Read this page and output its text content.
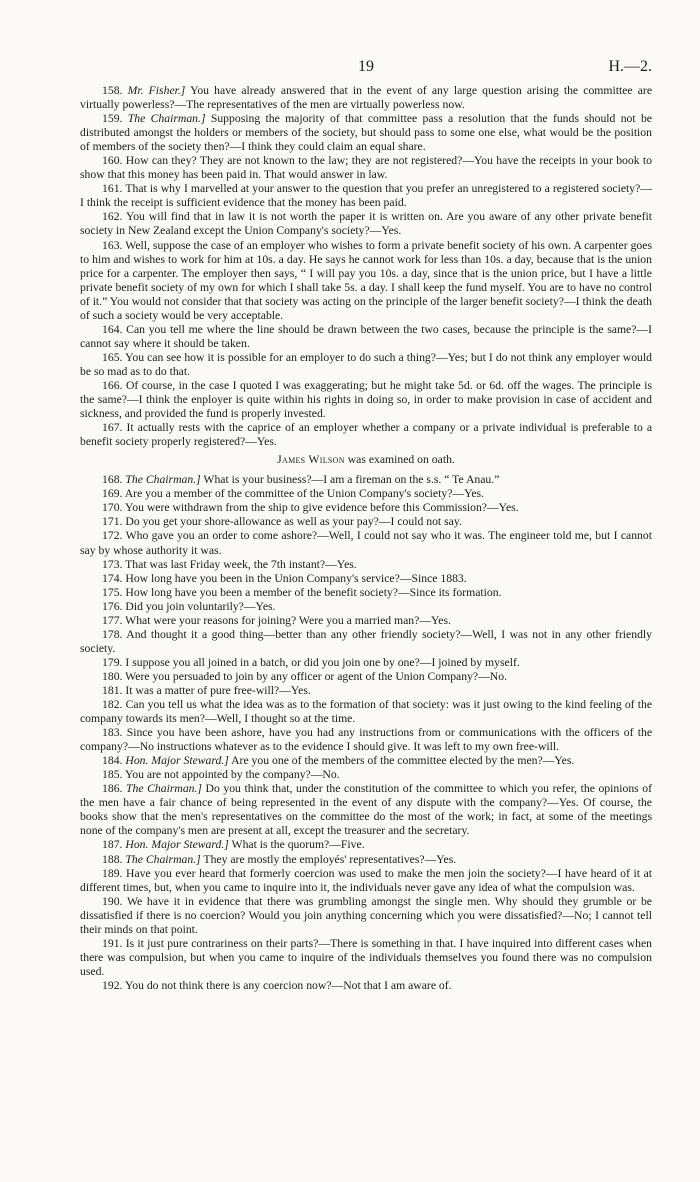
19	H.—2.

158. Mr. Fisher.] You have already answered that in the event of any large question arising the committee are virtually powerless?—The representatives of the men are virtually powerless now.

159. The Chairman.] Supposing the majority of that committee pass a resolution that the funds should not be distributed amongst the holders or members of the society, but should pass to some one else, what would be the position of members of the society then?—I think they could claim an equal share.

160. How can they? They are not known to the law; they are not registered?—You have the receipts in your book to show that this money has been paid in. That would answer in law.

161. That is why I marvelled at your answer to the question that you prefer an unregistered to a registered society?—I think the receipt is sufficient evidence that the money has been paid.

162. You will find that in law it is not worth the paper it is written on. Are you aware of any other private benefit society in New Zealand except the Union Company's society?—Yes.

163. Well, suppose the case of an employer who wishes to form a private benefit society of his own. A carpenter goes to him and wishes to work for him at 10s. a day. He says he cannot work for less than 10s. a day, because that is the union price for a carpenter. The employer then says, “ I will pay you 10s. a day, since that is the union price, but I have a little private benefit society of my own for which I shall take 5s. a day. I shall keep the fund myself. You are to have no control of it.” You would not consider that that society was acting on the principle of the larger benefit society?—I think the death of such a society would be very acceptable.

164. Can you tell me where the line should be drawn between the two cases, because the principle is the same?—I cannot say where it should be taken.

165. You can see how it is possible for an employer to do such a thing?—Yes; but I do not think any employer would be so mad as to do that.

166. Of course, in the case I quoted I was exaggerating; but he might take 5d. or 6d. off the wages. The principle is the same?—I think the enployer is quite within his rights in doing so, in order to make provision in case of accident and sickness, and provided the fund is properly invested.

167. It actually rests with the caprice of an employer whether a company or a private individual is preferable to a benefit society properly registered?—Yes.

James Wilson was examined on oath.

168. The Chairman.] What is your business?—I am a fireman on the s.s. “ Te Anau.”

169. Are you a member of the committee of the Union Company's society?—Yes.

170. You were withdrawn from the ship to give evidence before this Commission?—Yes.

171. Do you get your shore-allowance as well as your pay?—I could not say.

172. Who gave you an order to come ashore?—Well, I could not say who it was. The engineer told me, but I cannot say by whose authority it was.

173. That was last Friday week, the 7th instant?—Yes.

174. How long have you been in the Union Company's service?—Since 1883.

175. How long have you been a member of the benefit society?—Since its formation.

176. Did you join voluntarily?—Yes.

177. What were your reasons for joining? Were you a married man?—Yes.

178. And thought it a good thing—better than any other friendly society?—Well, I was not in any other friendly society.

179. I suppose you all joined in a batch, or did you join one by one?—I joined by myself.

180. Were you persuaded to join by any officer or agent of the Union Company?—No.

181. It was a matter of pure free-will?—Yes.

182. Can you tell us what the idea was as to the formation of that society: was it just owing to the kind feeling of the company towards its men?—Well, I thought so at the time.

183. Since you have been ashore, have you had any instructions from or communications with the officers of the company?—No instructions whatever as to the evidence I should give. It was left to my own free-will.

184. Hon. Major Steward.] Are you one of the members of the committee elected by the men?—Yes.

185. You are not appointed by the company?—No.

186. The Chairman.] Do you think that, under the constitution of the committee to which you refer, the opinions of the men have a fair chance of being represented in the event of any dispute with the company?—Yes. Of course, the books show that the men's representatives on the committee do the most of the work; in fact, at some of the meetings none of the company's men are present at all, except the treasurer and the secretary.

187. Hon. Major Steward.] What is the quorum?—Five.

188. The Chairman.] They are mostly the employés' representatives?—Yes.

189. Have you ever heard that formerly coercion was used to make the men join the society?—I have heard of it at different times, but, when you came to inquire into it, the individuals never gave any idea of what the compulsion was.

190. We have it in evidence that there was grumbling amongst the single men. Why should they grumble or be dissatisfied if there is no coercion? Would you join anything concerning which you were dissatisfied?—No; I cannot tell their minds on that point.

191. Is it just pure contrariness on their parts?—There is something in that. I have inquired into different cases when there was compulsion, but when you came to inquire of the individuals themselves you found there was no compulsion used.

192. You do not think there is any coercion now?—Not that I am aware of.
